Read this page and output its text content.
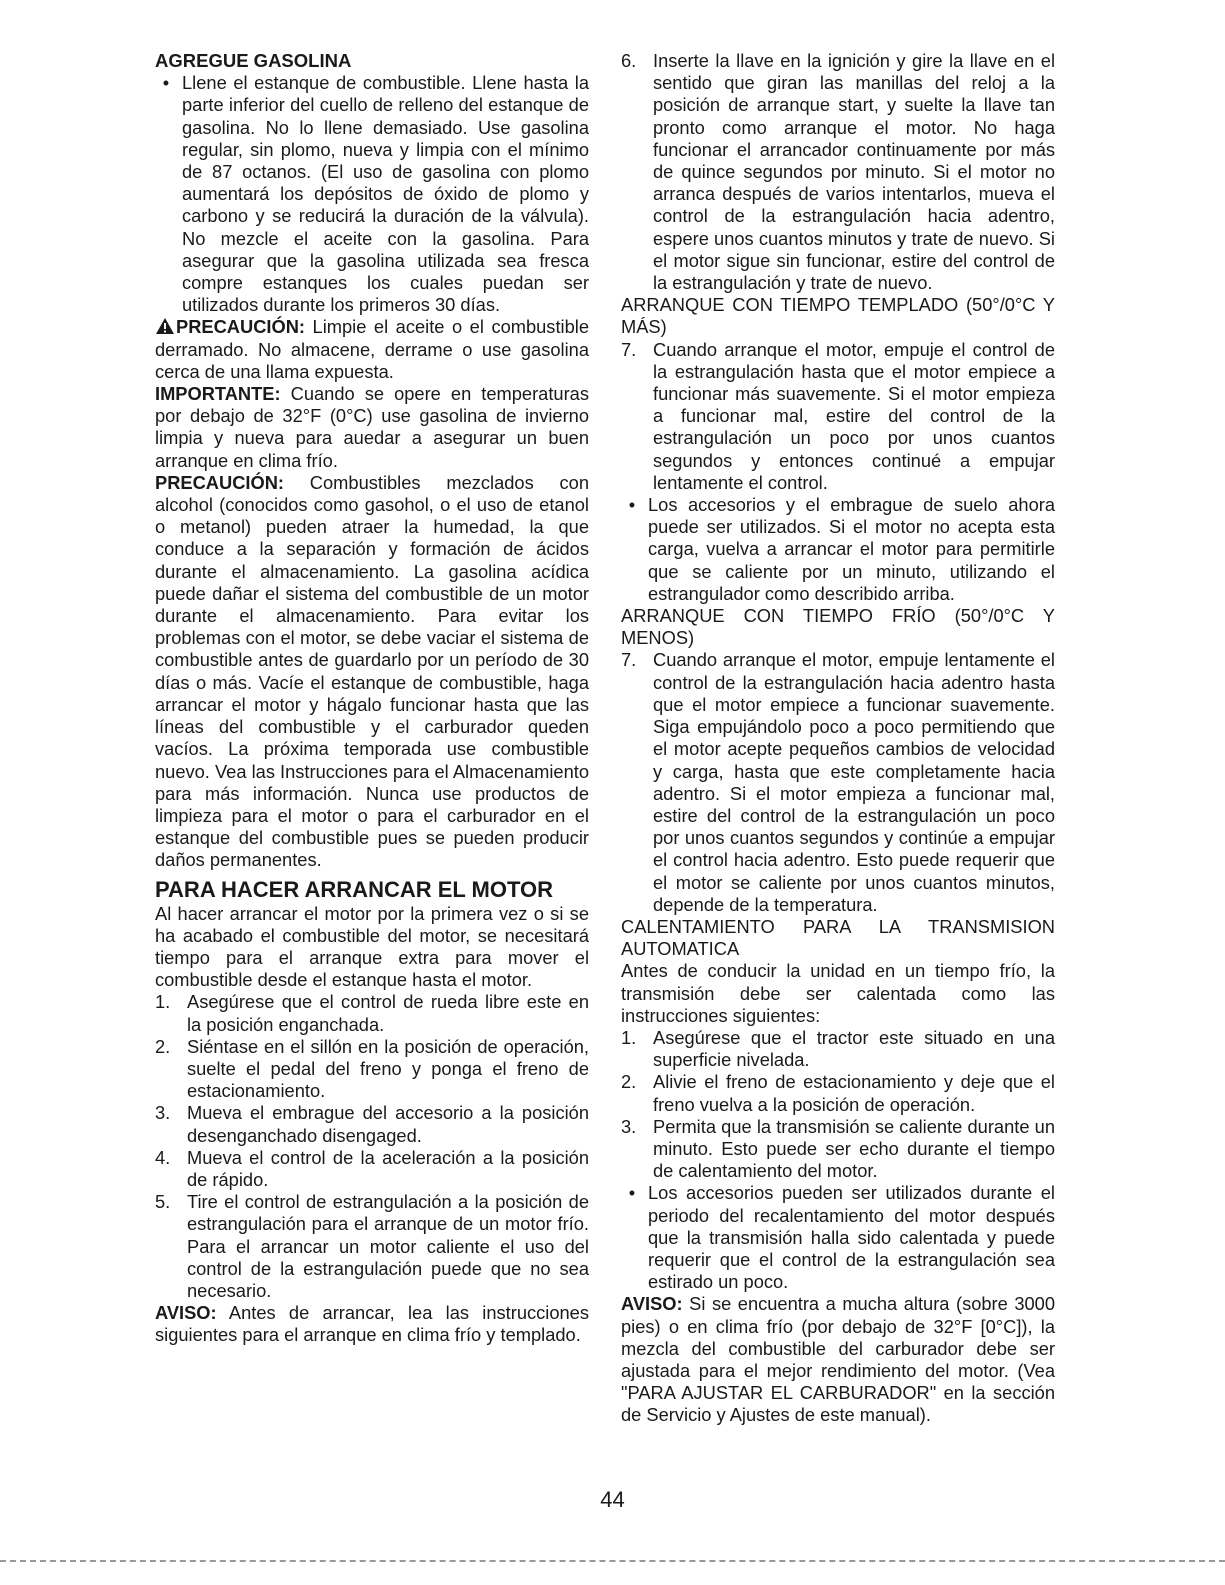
AGREGUE GASOLINA

• Llene el estanque de combustible. Llene hasta la parte inferior del cuello de relleno del estanque de gasolina. No lo llene demasiado. Use gasolina regular, sin plomo, nueva y limpia con el mínimo de 87 octanos. (El uso de gasolina con plomo aumentará los depósitos de óxido de plomo y carbono y se reducirá la duración de la válvula). No mezcle el aceite con la gasolina. Para asegurar que la gasolina utilizada sea fresca compre estanques los cuales puedan ser utilizados durante los primeros 30 días.

PRECAUCIÓN: Limpie el aceite o el combustible derramado. No almacene, derrame o use gasolina cerca de una llama expuesta.

IMPORTANTE: Cuando se opere en temperaturas por debajo de 32°F (0°C) use gasolina de invierno limpia y nueva para auedar a asegurar un buen arranque en clima frío.

PRECAUCIÓN: Combustibles mezclados con alcohol (conocidos como gasohol, o el uso de etanol o metanol) pueden atraer la humedad, la que conduce a la separación y formación de ácidos durante el almacenamiento. La gasolina acídica puede dañar el sistema del combustible de un motor durante el almacenamiento. Para evitar los problemas con el motor, se debe vaciar el sistema de combustible antes de guardarlo por un período de 30 días o más. Vacíe el estanque de combustible, haga arrancar el motor y hágalo funcionar hasta que las líneas del combustible y el carburador queden vacíos. La próxima temporada use combustible nuevo. Vea las Instrucciones para el Almacenamiento para más información. Nunca use productos de limpieza para el motor o para el carburador en el estanque del combustible pues se pueden producir daños permanentes.

PARA HACER ARRANCAR EL MOTOR

Al hacer arrancar el motor por la primera vez o si se ha acabado el combustible del motor, se necesitará tiempo para el arranque extra para mover el combustible desde el estanque hasta el motor.

1. Asegúrese que el control de rueda libre este en la posición enganchada.
2. Siéntase en el sillón en la posición de operación, suelte el pedal del freno y ponga el freno de estacionamiento.
3. Mueva el embrague del accesorio a la posición desenganchado disengaged.
4. Mueva el control de la aceleración a la posición de rápido.
5. Tire el control de estrangulación a la posición de estrangulación para el arranque de un motor frío. Para el arrancar un motor caliente el uso del control de la estrangulación puede que no sea necesario.

AVISO: Antes de arrancar, lea las instrucciones siguientes para el arranque en clima frío y templado.

6. Inserte la llave en la ignición y gire la llave en el sentido que giran las manillas del reloj a la posición de arranque start, y suelte la llave tan pronto como arranque el motor. No haga funcionar el arrancador continuamente por más de quince segundos por minuto. Si el motor no arranca después de varios intentarlos, mueva el control de la estrangulación hacia adentro, espere unos cuantos minutos y trate de nuevo. Si el motor sigue sin funcionar, estire del control de la estrangulación y trate de nuevo.

ARRANQUE CON TIEMPO TEMPLADO (50°/0°C Y MÁS)

7. Cuando arranque el motor, empuje el control de la estrangulación hasta que el motor empiece a funcionar más suavemente. Si el motor empieza a funcionar mal, estire del control de la estrangulación un poco por unos cuantos segundos y entonces continué a empujar lentamente el control.
• Los accesorios y el embrague de suelo ahora puede ser utilizados. Si el motor no acepta esta carga, vuelva a arrancar el motor para permitirle que se caliente por un minuto, utilizando el estrangulador como describido arriba.

ARRANQUE CON TIEMPO FRÍO (50°/0°C Y MENOS)

7. Cuando arranque el motor, empuje lentamente el control de la estrangulación hacia adentro hasta que el motor empiece a funcionar suavemente. Siga empujándolo poco a poco permitiendo que el motor acepte pequeños cambios de velocidad y carga, hasta que este completamente hacia adentro. Si el motor empieza a funcionar mal, estire del control de la estrangulación un poco por unos cuantos segundos y continúe a empujar el control hacia adentro. Esto puede requerir que el motor se caliente por unos cuantos minutos, depende de la temperatura.

CALENTAMIENTO PARA LA TRANSMISION AUTOMATICA

Antes de conducir la unidad en un tiempo frío, la transmisión debe ser calentada como las instrucciones siguientes:

1. Asegúrese que el tractor este situado en una superficie nivelada.
2. Alivie el freno de estacionamiento y deje que el freno vuelva a la posición de operación.
3. Permita que la transmisión se caliente durante un minuto. Esto puede ser echo durante el tiempo de calentamiento del motor.
• Los accesorios pueden ser utilizados durante el periodo del recalentamiento del motor después que la transmisión halla sido calentada y puede requerir que el control de la estrangulación sea estirado un poco.

AVISO: Si se encuentra a mucha altura (sobre 3000 pies) o en clima frío (por debajo de 32°F [0°C]), la mezcla del combustible del carburador debe ser ajustada para el mejor rendimiento del motor. (Vea "PARA AJUSTAR EL CARBURADOR" en la sección de Servicio y Ajustes de este manual).

44
